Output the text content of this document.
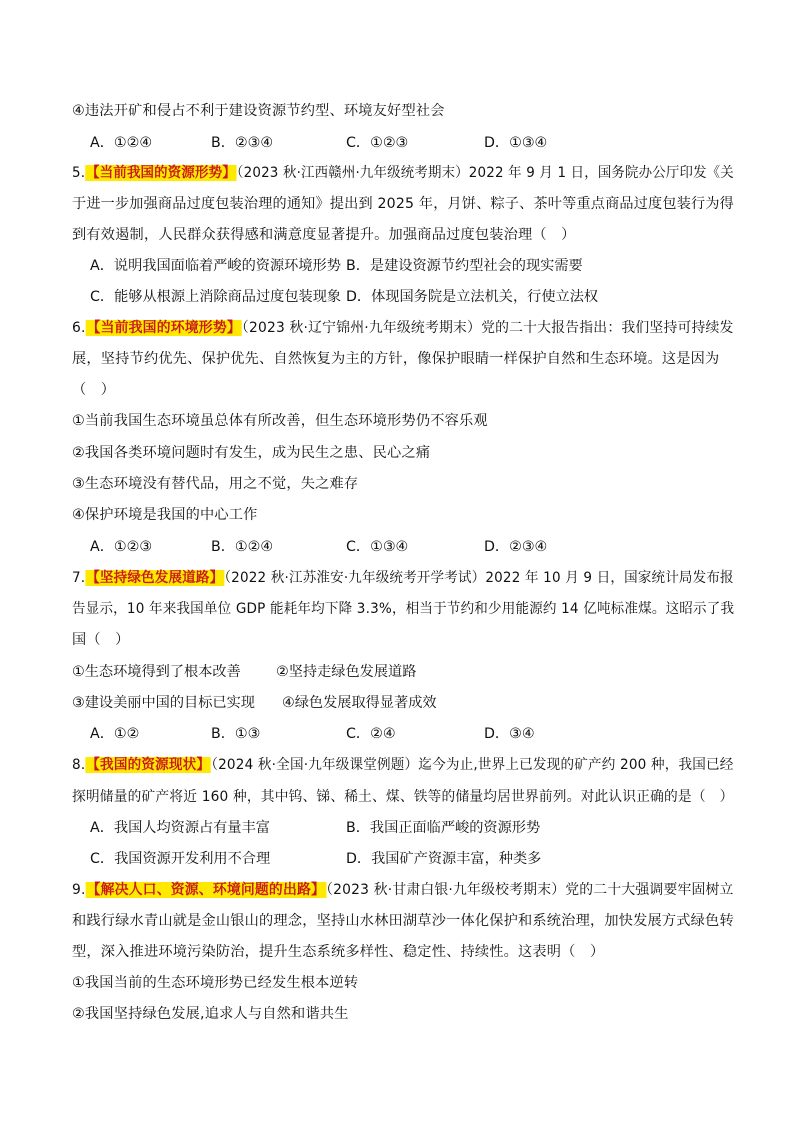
④违法开矿和侵占不利于建设资源节约型、环境友好型社会
A．①②④	B．②③④	C．①②③	D．①③④
5.【当前我国的资源形势】（2023 秋·江西赣州·九年级统考期末）2022 年 9 月 1 日，国务院办公厅印发《关
于进一步加强商品过度包装治理的通知》提出到 2025 年，月饼、粽子、茶叶等重点商品过度包装行为得
到有效遏制，人民群众获得感和满意度显著提升。加强商品过度包装治理（　）
A．说明我国面临着严峻的资源环境形势 B．是建设资源节约型社会的现实需要
C．能够从根源上消除商品过度包装现象 D．体现国务院是立法机关，行使立法权
6.【当前我国的环境形势】（2023 秋·辽宁锦州·九年级统考期末）党的二十大报告指出：我们坚持可持续发
展，坚持节约优先、保护优先、自然恢复为主的方针，像保护眼睛一样保护自然和生态环境。这是因为
（　）
①当前我国生态环境虽总体有所改善，但生态环境形势仍不容乐观
②我国各类环境问题时有发生，成为民生之患、民心之痛
③生态环境没有替代品，用之不觉，失之难存
④保护环境是我国的中心工作
A．①②③	B．①②④	C．①③④	D．②③④
7.【坚持绿色发展道路】（2022 秋·江苏淮安·九年级统考开学考试）2022 年 10 月 9 日，国家统计局发布报
告显示，10 年来我国单位 GDP 能耗年均下降 3.3%，相当于节约和少用能源约 14 亿吨标准煤。这昭示了我
国（　）
①生态环境得到了根本改善 ②坚持走绿色发展道路
③建设美丽中国的目标已实现 ④绿色发展取得显著成效
A．①②	B．①③	C．②④	D．③④
8.【我国的资源现状】（2024 秋·全国·九年级课堂例题）迄今为止,世界上已发现的矿产约 200 种，我国已经
探明储量的矿产将近 160 种，其中钨、锑、稀土、煤、铁等的储量均居世界前列。对此认识正确的是（　）
A．我国人均资源占有量丰富	B．我国正面临严峻的资源形势
C．我国资源开发利用不合理	D．我国矿产资源丰富，种类多
9.【解决人口、资源、环境问题的出路】（2023 秋·甘肃白银·九年级校考期末）党的二十大强调要牢固树立
和践行绿水青山就是金山银山的理念，坚持山水林田湖草沙一体化保护和系统治理，加快发展方式绿色转
型，深入推进环境污染防治，提升生态系统多样性、稳定性、持续性。这表明（　）
①我国当前的生态环境形势已经发生根本逆转
②我国坚持绿色发展,追求人与自然和谐共生
